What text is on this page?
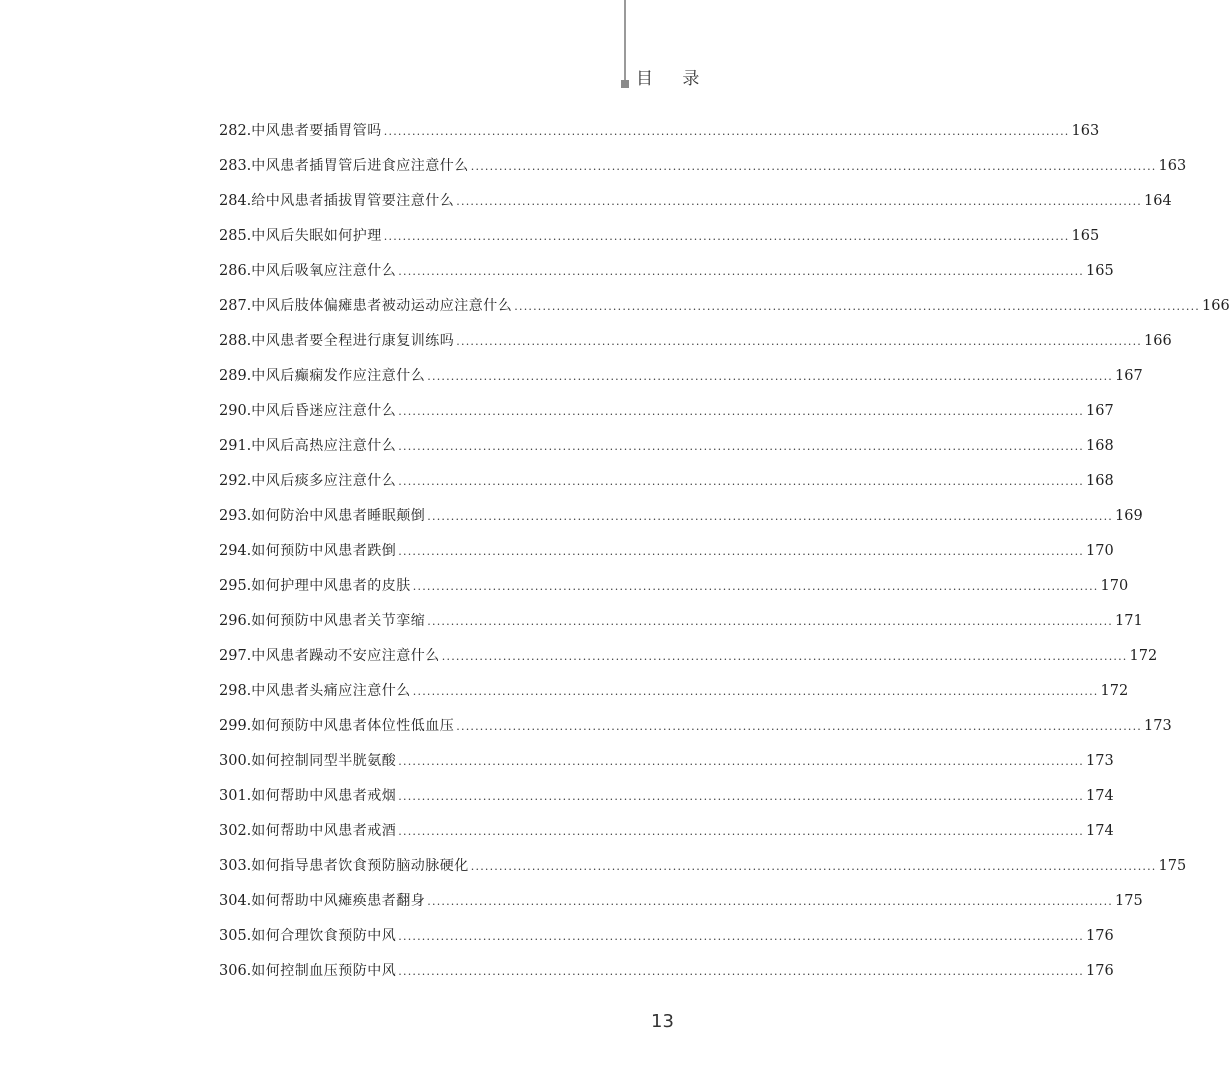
目 录
282. 中风患者要插胃管吗 .................................................................................................................................................. 163
283. 中风患者插胃管后进食应注意什么 .................................................................................................................................................. 163
284. 给中风患者插拔胃管要注意什么 .................................................................................................................................................. 164
285. 中风后失眠如何护理 .................................................................................................................................................. 165
286. 中风后吸氧应注意什么 .................................................................................................................................................. 165
287. 中风后肢体偏瘫患者被动运动应注意什么 .................................................................................................................................................. 166
288. 中风患者要全程进行康复训练吗 .................................................................................................................................................. 166
289. 中风后癫痫发作应注意什么 .................................................................................................................................................. 167
290. 中风后昏迷应注意什么 .................................................................................................................................................. 167
291. 中风后高热应注意什么 .................................................................................................................................................. 168
292. 中风后痰多应注意什么 .................................................................................................................................................. 168
293. 如何防治中风患者睡眠颠倒 .................................................................................................................................................. 169
294. 如何预防中风患者跌倒 .................................................................................................................................................. 170
295. 如何护理中风患者的皮肤 .................................................................................................................................................. 170
296. 如何预防中风患者关节挛缩 .................................................................................................................................................. 171
297. 中风患者躁动不安应注意什么 .................................................................................................................................................. 172
298. 中风患者头痛应注意什么 .................................................................................................................................................. 172
299. 如何预防中风患者体位性低血压 .................................................................................................................................................. 173
300. 如何控制同型半胱氨酸 .................................................................................................................................................. 173
301. 如何帮助中风患者戒烟 .................................................................................................................................................. 174
302. 如何帮助中风患者戒酒 .................................................................................................................................................. 174
303. 如何指导患者饮食预防脑动脉硬化 .................................................................................................................................................. 175
304. 如何帮助中风瘫痪患者翻身 .................................................................................................................................................. 175
305. 如何合理饮食预防中风 .................................................................................................................................................. 176
306. 如何控制血压预防中风 .................................................................................................................................................. 176
13
